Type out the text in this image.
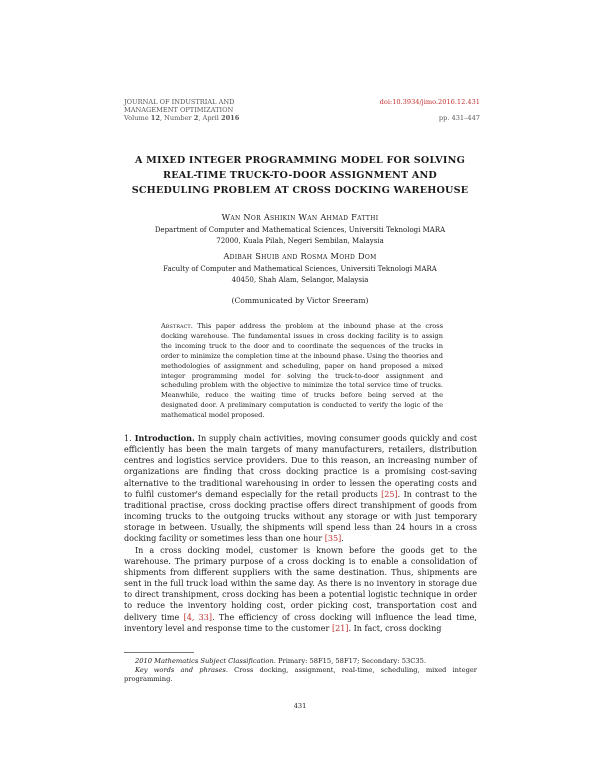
JOURNAL OF INDUSTRIAL AND
MANAGEMENT OPTIMIZATION
Volume 12, Number 2, April 2016
doi:10.3934/jimo.2016.12.431
pp. 431–447
A MIXED INTEGER PROGRAMMING MODEL FOR SOLVING
REAL-TIME TRUCK-TO-DOOR ASSIGNMENT AND
SCHEDULING PROBLEM AT CROSS DOCKING WAREHOUSE
Wan Nor Ashikin Wan Ahmad Fatthi
Department of Computer and Mathematical Sciences, Universiti Teknologi MARA
72000, Kuala Pilah, Negeri Sembilan, Malaysia
Adibah Shuib and Rosma Mohd Dom
Faculty of Computer and Mathematical Sciences, Universiti Teknologi MARA
40450, Shah Alam, Selangor, Malaysia
(Communicated by Victor Sreeram)
Abstract. This paper address the problem at the inbound phase at the cross docking warehouse. The fundamental issues in cross docking facility is to assign the incoming truck to the door and to coordinate the sequences of the trucks in order to minimize the completion time at the inbound phase. Using the theories and methodologies of assignment and scheduling, paper on hand proposed a mixed integer programming model for solving the truck-to-door assignment and scheduling problem with the objective to minimize the total service time of trucks. Meanwhile, reduce the waiting time of trucks before being served at the designated door. A preliminary computation is conducted to verify the logic of the mathematical model proposed.

1. Introduction. In supply chain activities, moving consumer goods quickly and cost efficiently has been the main targets of many manufacturers, retailers, distribution centres and logistics service providers. Due to this reason, an increasing number of organizations are finding that cross docking practice is a promising cost-saving alternative to the traditional warehousing in order to lessen the operating costs and to fulfil customer's demand especially for the retail products [25]. In contrast to the traditional practise, cross docking practise offers direct transhipment of goods from incoming trucks to the outgoing trucks without any storage or with just temporary storage in between. Usually, the shipments will spend less than 24 hours in a cross docking facility or sometimes less than one hour [35].

In a cross docking model, customer is known before the goods get to the warehouse. The primary purpose of a cross docking is to enable a consolidation of shipments from different suppliers with the same destination. Thus, shipments are sent in the full truck load within the same day. As there is no inventory in storage due to direct transhipment, cross docking has been a potential logistic technique in order to reduce the inventory holding cost, order picking cost, transportation cost and delivery time [4, 33]. The efficiency of cross docking will influence the lead time, inventory level and response time to the customer [21]. In fact, cross docking

2010 Mathematics Subject Classification. Primary: 58F15, 58F17; Secondary: 53C35.

Key words and phrases. Cross docking, assignment, real-time, scheduling, mixed integer programming.

431
